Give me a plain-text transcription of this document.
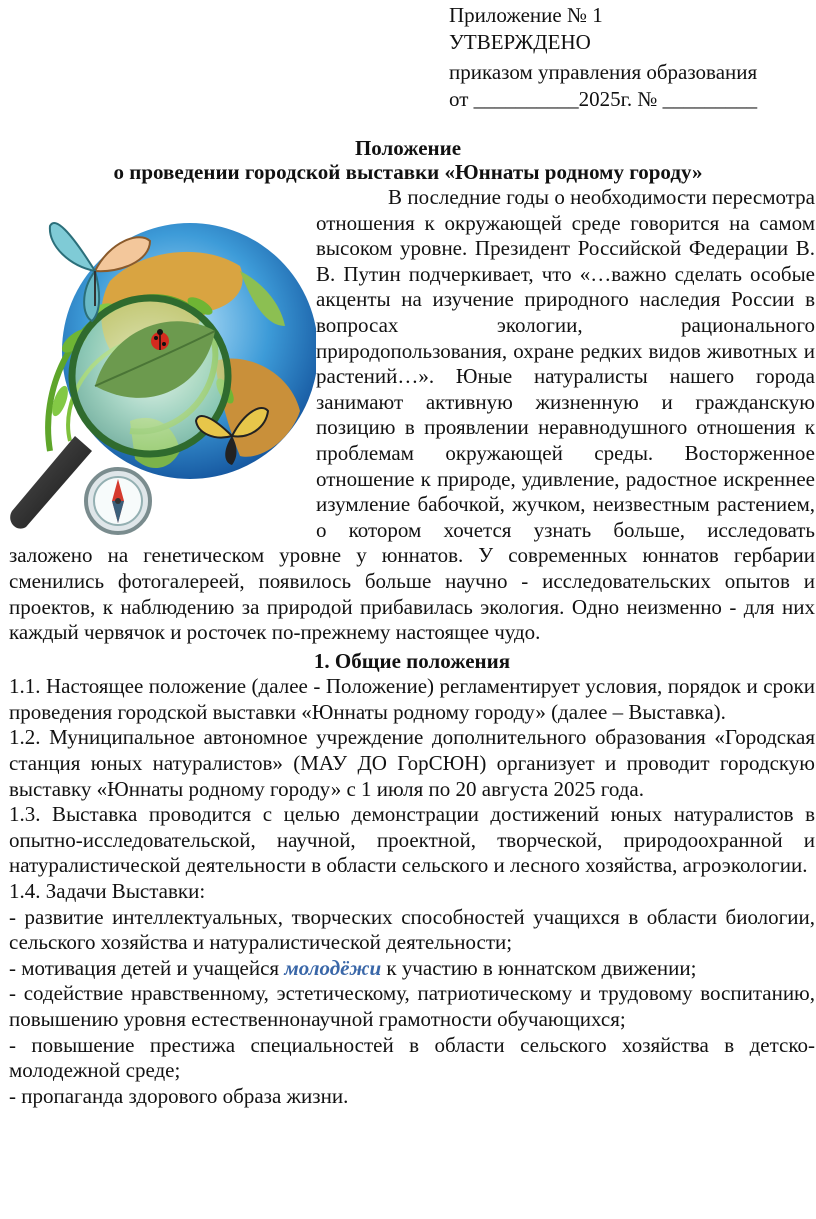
Приложение № 1
УТВЕРЖДЕНО
приказом управления образования
от __________2025г. № _________
Положение
о проведении городской выставки «Юннаты родному городу»

В последние годы о необходимости пересмотра отношения к окружающей среде говорится на самом высоком уровне. Президент Российской Федерации В. В. Путин подчеркивает, что «…важно сделать особые акценты на изучение природного наследия России в вопросах экологии, рационального природопользования, охране редких видов животных и растений…». Юные натуралисты нашего города занимают активную жизненную и гражданскую позицию в проявлении неравнодушного отношения к проблемам окружающей среды. Восторженное отношение к природе, удивление, радостное искреннее изумление бабочкой, жучком, неизвестным растением, о котором хочется узнать больше, исследовать заложено на генетическом уровне у юннатов. У современных юннатов гербарии сменились фотогалереей, появилось больше научно - исследовательских опытов и проектов, к наблюдению за природой прибавилась экология. Одно неизменно - для них каждый червячок и росточек по-прежнему настоящее чудо.

1. Общие положения

1.1. Настоящее положение (далее - Положение) регламентирует условия, порядок и сроки проведения городской выставки «Юннаты родному городу» (далее – Выставка).

1.2. Муниципальное автономное учреждение дополнительного образования «Городская станция юных натуралистов» (МАУ ДО ГорСЮН) организует и проводит городскую выставку «Юннаты родному городу» с 1 июля по 20 августа 2025 года.

1.3. Выставка проводится с целью демонстрации достижений юных натуралистов в опытно-исследовательской, научной, проектной, творческой, природоохранной и натуралистической деятельности в области сельского и лесного хозяйства, агроэкологии.

1.4. Задачи Выставки:

- развитие интеллектуальных, творческих способностей учащихся в области биологии, сельского хозяйства и натуралистической деятельности;

- мотивация детей и учащейся молодёжи к участию в юннатском движении;

- содействие нравственному, эстетическому, патриотическому и трудовому воспитанию, повышению уровня естественнонаучной грамотности обучающихся;

- повышение престижа специальностей в области сельского хозяйства в детско-молодежной среде;

- пропаганда здорового образа жизни.
